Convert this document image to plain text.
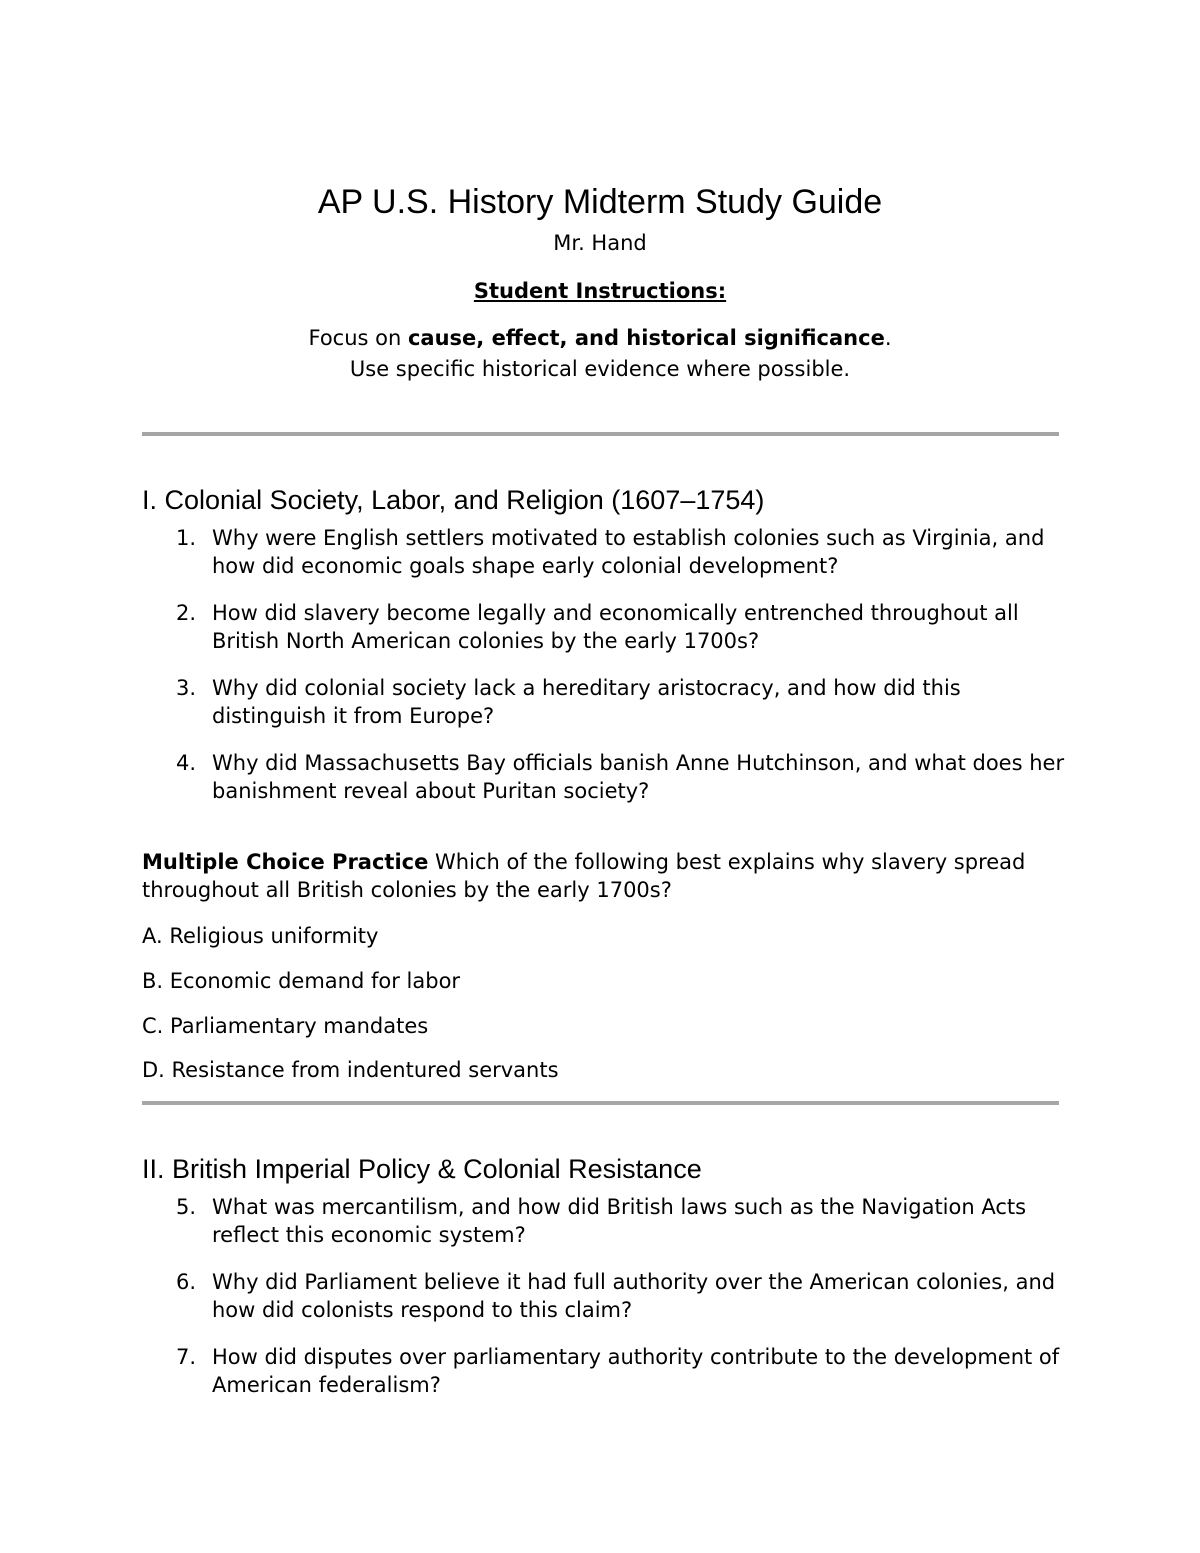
AP U.S. History Midterm Study Guide
Mr. Hand
Student Instructions:
Focus on cause, effect, and historical significance.
Use specific historical evidence where possible.
I. Colonial Society, Labor, and Religion (1607–1754)
1. Why were English settlers motivated to establish colonies such as Virginia, and how did economic goals shape early colonial development?
2. How did slavery become legally and economically entrenched throughout all British North American colonies by the early 1700s?
3. Why did colonial society lack a hereditary aristocracy, and how did this distinguish it from Europe?
4. Why did Massachusetts Bay officials banish Anne Hutchinson, and what does her banishment reveal about Puritan society?
Multiple Choice Practice Which of the following best explains why slavery spread throughout all British colonies by the early 1700s?
A. Religious uniformity
B. Economic demand for labor
C. Parliamentary mandates
D. Resistance from indentured servants
II. British Imperial Policy & Colonial Resistance
5. What was mercantilism, and how did British laws such as the Navigation Acts reflect this economic system?
6. Why did Parliament believe it had full authority over the American colonies, and how did colonists respond to this claim?
7. How did disputes over parliamentary authority contribute to the development of American federalism?
